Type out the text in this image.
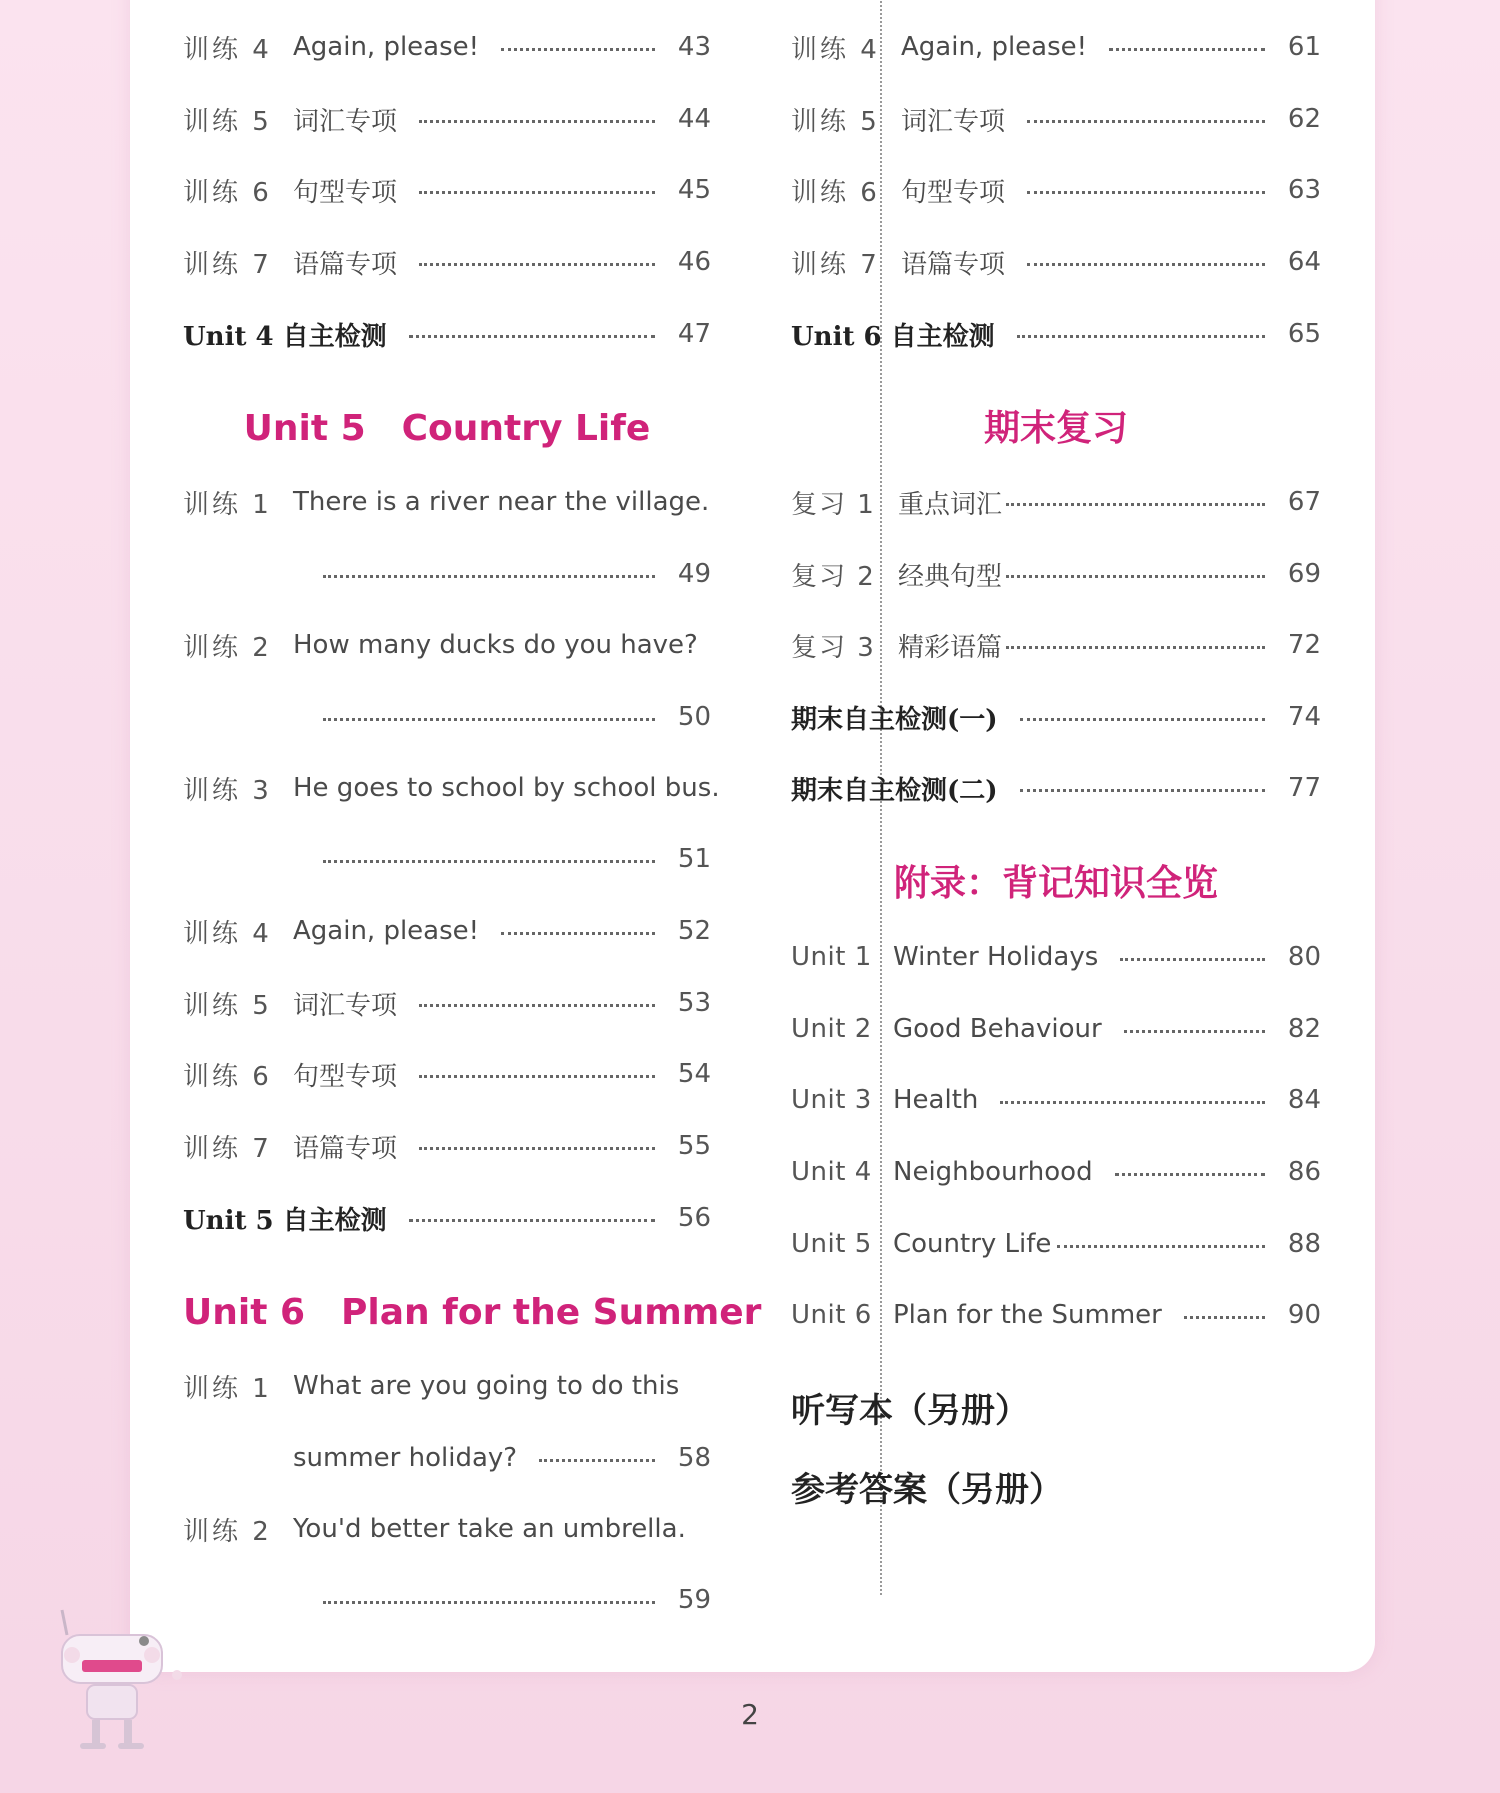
训练 4 Again, please!	43
训练 5 词汇专项	44
训练 6 句型专项	45
训练 7 语篇专项	46
Unit 4 自主检测	47
Unit 5　Country Life
训练 1 There is a river near the village.
49
训练 2 How many ducks do you have?
50
训练 3 He goes to school by school bus.
51
训练 4 Again, please!	52
训练 5 词汇专项	53
训练 6 句型专项	54
训练 7 语篇专项	55
Unit 5 自主检测	56
Unit 6　Plan for the Summer
训练 1 What are you going to do this
summer holiday?	58
训练 2 You'd better take an umbrella.
59
训练 4 Again, please!	61
训练 5 词汇专项	62
训练 6 句型专项	63
训练 7 语篇专项	64
Unit 6 自主检测	65
期末复习
复习 1 重点词汇	67
复习 2 经典句型	69
复习 3 精彩语篇	72
期末自主检测(一)	74
期末自主检测(二)	77
附录：背记知识全览
Unit 1 Winter Holidays	80
Unit 2 Good Behaviour	82
Unit 3 Health	84
Unit 4 Neighbourhood	86
Unit 5 Country Life	88
Unit 6 Plan for the Summer	90
听写本（另册）
参考答案（另册）
2
